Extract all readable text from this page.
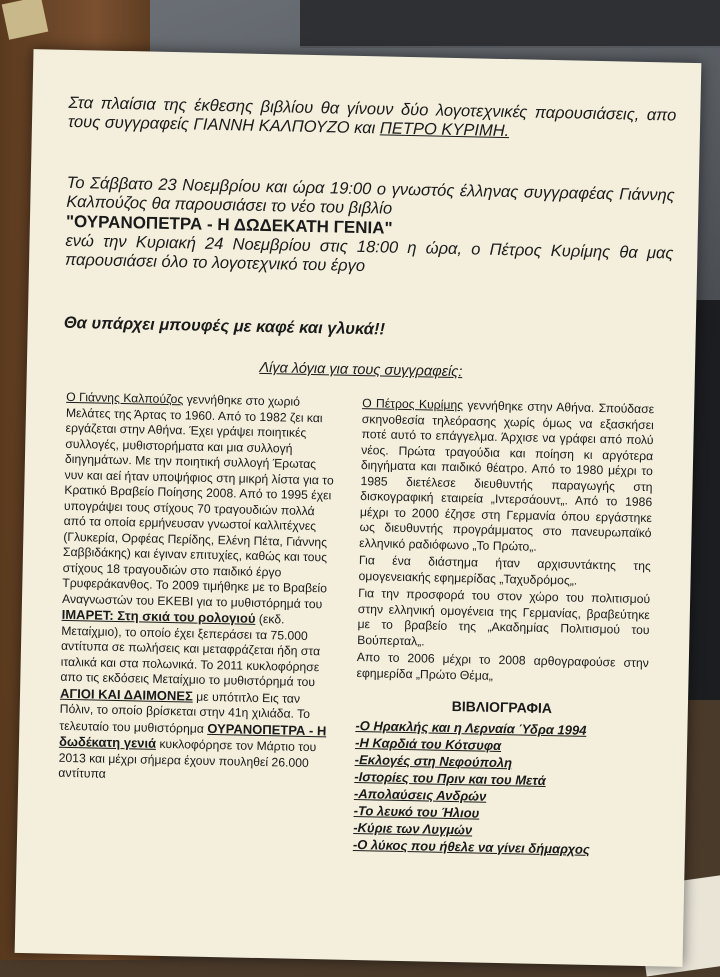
Στα πλαίσια της έκθεσης βιβλίου θα γίνουν δύο λογοτεχνικές παρουσιάσεις, απο τους συγγραφείς ΓΙΑΝΝΗ ΚΑΛΠΟΥΖΟ και ΠΕΤΡΟ ΚΥΡΙΜΗ.
Το Σάββατο 23 Νοεμβρίου και ώρα 19:00 ο γνωστός έλληνας συγγραφέας Γιάννης Καλπούζος θα παρουσιάσει το νέο του βιβλίο
"ΟΥΡΑΝΟΠΕΤΡΑ - Η ΔΩΔΕΚΑΤΗ ΓΕΝΙΑ"
ενώ την Κυριακή 24 Νοεμβρίου στις 18:00 η ώρα, ο Πέτρος Κυρίμης θα μας παρουσιάσει όλο το λογοτεχνικό του έργο
Θα υπάρχει μπουφές με καφέ και γλυκά!!
Λίγα λόγια για τους συγγραφείς:

Ο Γιάννης Καλπούζος γεννήθηκε στο χωριό Μελάτες της Άρτας το 1960. Από το 1982 ζει και εργάζεται στην Αθήνα. Έχει γράψει ποιητικές συλλογές, μυθιστορήματα και μια συλλογή διηγημάτων. Με την ποιητική συλλογή Έρωτας νυν και αεί ήταν υποψήφιος στη μικρή λίστα για το Κρατικό Βραβείο Ποίησης 2008. Από το 1995 έχει υπογράψει τους στίχους 70 τραγουδιών πολλά από τα οποία ερμήνευσαν γνωστοί καλλιτέχνες (Γλυκερία, Ορφέας Περίδης, Ελένη Πέτα, Γιάννης Σαββιδάκης) και έγιναν επιτυχίες, καθώς και τους στίχους 18 τραγουδιών στο παιδικό έργο Τρυφεράκανθος. Το 2009 τιμήθηκε με το Βραβείο Αναγνωστών του ΕΚΕΒΙ για το μυθιστόρημά του ΙΜΑΡΕΤ: Στη σκιά του ρολογιού (εκδ. Μεταίχμιο), το οποίο έχει ξεπεράσει τα 75.000 αντίτυπα σε πωλήσεις και μεταφράζεται ήδη στα ιταλικά και στα πολωνικά. Το 2011 κυκλοφόρησε απο τις εκδόσεις Μεταίχμιο το μυθιστόρημά του ΑΓΙΟΙ ΚΑΙ ΔΑΙΜΟΝΕΣ με υπότιτλο Εις ταν Πόλιν, το οποίο βρίσκεται στην 41η χιλιάδα. Το τελευταίο του μυθιστόρημα ΟΥΡΑΝΟΠΕΤΡΑ - Η δωδέκατη γενιά κυκλοφόρησε τον Μάρτιο του 2013 και μέχρι σήμερα έχουν πουληθεί 26.000 αντίτυπα

Ο Πέτρος Κυρίμης γεννήθηκε στην Αθήνα. Σπούδασε σκηνοθεσία τηλεόρασης χωρίς όμως να εξασκήσει ποτέ αυτό το επάγγελμα. Άρχισε να γράφει από πολύ νέος. Πρώτα τραγούδια και ποίηση κι αργότερα διηγήματα και παιδικό θέατρο. Από το 1980 μέχρι το 1985 διετέλεσε διευθυντής παραγωγής στη δισκογραφική εταιρεία „Ιντερσάουντ„. Από το 1986 μέχρι το 2000 έζησε στη Γερμανία όπου εργάστηκε ως διευθυντής προγράμματος στο πανευρωπαϊκό ελληνικό ραδιόφωνο „Το Πρώτο„.

Για ένα διάστημα ήταν αρχισυντάκτης της ομογενειακής εφημερίδας „Ταχυδρόμος„.

Για την προσφορά του στον χώρο του πολιτισμού στην ελληνική ομογένεια της Γερμανίας, βραβεύτηκε με το βραβείο της „Ακαδημίας Πολιτισμού του Βούπερταλ„.

Απο το 2006 μέχρι το 2008 αρθογραφούσε στην εφημερίδα „Πρώτο Θέμα„

ΒΙΒΛΙΟΓΡΑΦΙΑ
-Ο Ηρακλής και η Λερναία Ύδρα 1994
-Η Καρδιά του Κότσυφα
-Εκλογές στη Νεφούπολη
-Ιστορίες του Πριν και του Μετά
-Απολαύσεις Ανδρών
-Το λευκό του Ήλιου
-Κύριε των Λυγμών
-Ο λύκος που ήθελε να γίνει δήμαρχος
